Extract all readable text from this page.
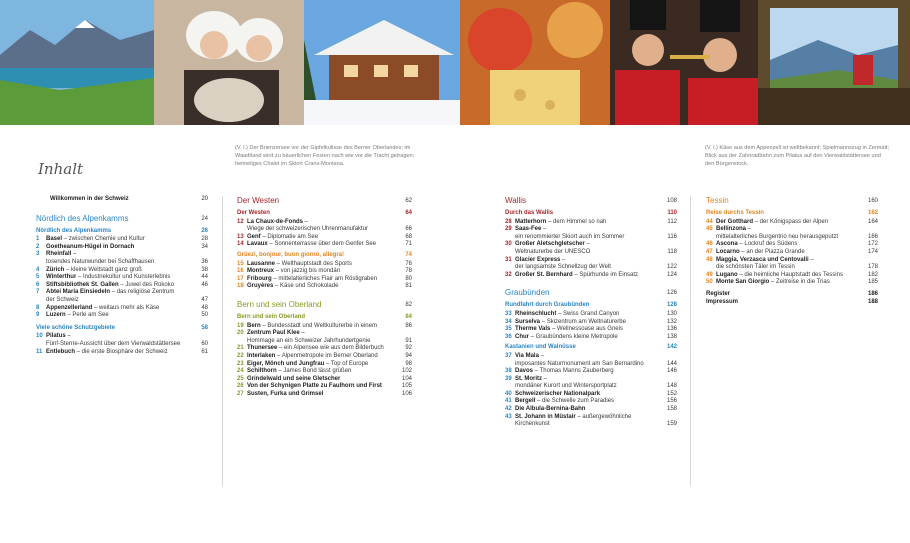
(V. l.) Der Brienzersee vor der Gipfelkulisse des Berner Oberlandes; im Waadtland wird zu bäuerlichen Festen nach wie vor die Tracht getragen; heimeliges Chalet im Skiort Crans-Montana.
(V. l.) Käse aus dem Appenzell ist weltbekannt; Spielmannszug in Zermatt; Blick aus der Zahnradbahn zum Pilatus auf den Vierwaldstättersee und den Bürgenstock.
Inhalt
Willkommen in der Schweiz	20
Nördlich des Alpenkamms	24
Nördlich des Alpenkamms	26
1	Basel – zwischen Chemie und Kultur	28
2	Goetheanum-Hügel in Dornach	34
3	Rheinfall –
tosendes Naturwunder bei Schaffhausen	36
4	Zürich – kleine Weltstadt ganz groß	38
5	Winterthur – Industriekultur und Kunsterlebnis	44
6	Stiftsbibliothek St. Gallen – Juwel des Rokoko	46
7	Abtei Maria Einsiedeln – das religiöse Zentrum
der Schweiz	47
8	Appenzellerland – weitaus mehr als Käse	48
9	Luzern – Perle am See	50
Viele schöne Schutzgebiete	58
10 Pilatus –
Fünf-Sterne-Aussicht über dem Vierwaldstättersee	60
11 Entlebuch – die erste Biosphäre der Schweiz	61
Der Westen	62
Der Westen	64
12 La Chaux-de-Fonds –
Wiege der schweizerischen Uhrenmanufaktur	66
13 Genf – Diplomatie am See	68
14 Lavaux – Sonnenterrasse über dem Genfer See	71
Grüezi, bonjour, buon giorno, allegra!	74
15 Lausanne – Welthauptstadt des Sports	76
16 Montreux – von jazzig bis mondän	78
17 Fribourg – mittelalterliches Flair am Röstigraben	80
18 Gruyères – Käse und Schokolade	81
Bern und sein Oberland	82
Bern und sein Oberland	84
19 Bern – Bundesstadt und Weltkulturerbe in einem	86
20 Zentrum Paul Klee –
Hommage an ein Schweizer Jahrhundertgenie	91
21 Thunersee – ein Alpensee wie aus dem Bilderbuch	92
22 Interlaken – Alpenmetropole im Berner Oberland	94
23 Eiger, Mönch und Jungfrau – Top of Europe	98
24 Schilthorn – James Bond lässt grüßen	102
25 Grindelwald und seine Gletscher	104
26 Von der Schynigen Platte zu Faulhorn und First	105
27 Susten, Furka und Grimsel	106
Wallis	108
Durch das Wallis	110
28 Matterhorn – dem Himmel so nah	112
29 Saas-Fee –
ein renommierter Skiort auch im Sommer	116
30 Großer Aletschgletscher –
Weltnaturerbe der UNESCO	118
31 Glacier Express –
der langsamste Schnellzug der Welt	122
32 Großer St. Bernhard – Spürhunde im Einsatz	124
Graubünden	126
Rundfahrt durch Graubünden	128
33 Rheinschlucht – Swiss Grand Canyon	130
34 Surselva – Skizentrum am Weltnaturerbe	132
35 Therme Vals – Wellnessoase aus Gneis	136
36 Chur – Graubündens kleine Metropole	138
Kastanien und Walnüsse	142
37 Via Mala –
imposantes Naturmonument am San Bernardino	144
38 Davos – Thomas Manns Zauberberg	146
39 St. Moritz –
mondäner Kurort und Wintersportplatz	148
40 Schweizerischer Nationalpark	152
41 Bergell – die Schwelle zum Paradies	156
42 Die Albula-Bernina-Bahn	158
43 St. Johann in Müstair – außergewöhnliche
Kirchenkunst	159
Tessin	160
Reise durchs Tessin	162
44 Der Gotthard – der Königspass der Alpen	164
45 Bellinzona –
mittelalterliches Burgentrio neu herausgeputzt	166
46 Ascona – Lockruf des Südens	172
47 Locarno – an der Piazza Grande	174
48 Maggia, Verzasca und Centovalli –
die schönsten Täler im Tessin	178
49 Lugano – die heimliche Hauptstadt des Tessins	182
50 Monte San Giorgio – Zeitreise in die Trias	185
Register	186
Impressum	188
